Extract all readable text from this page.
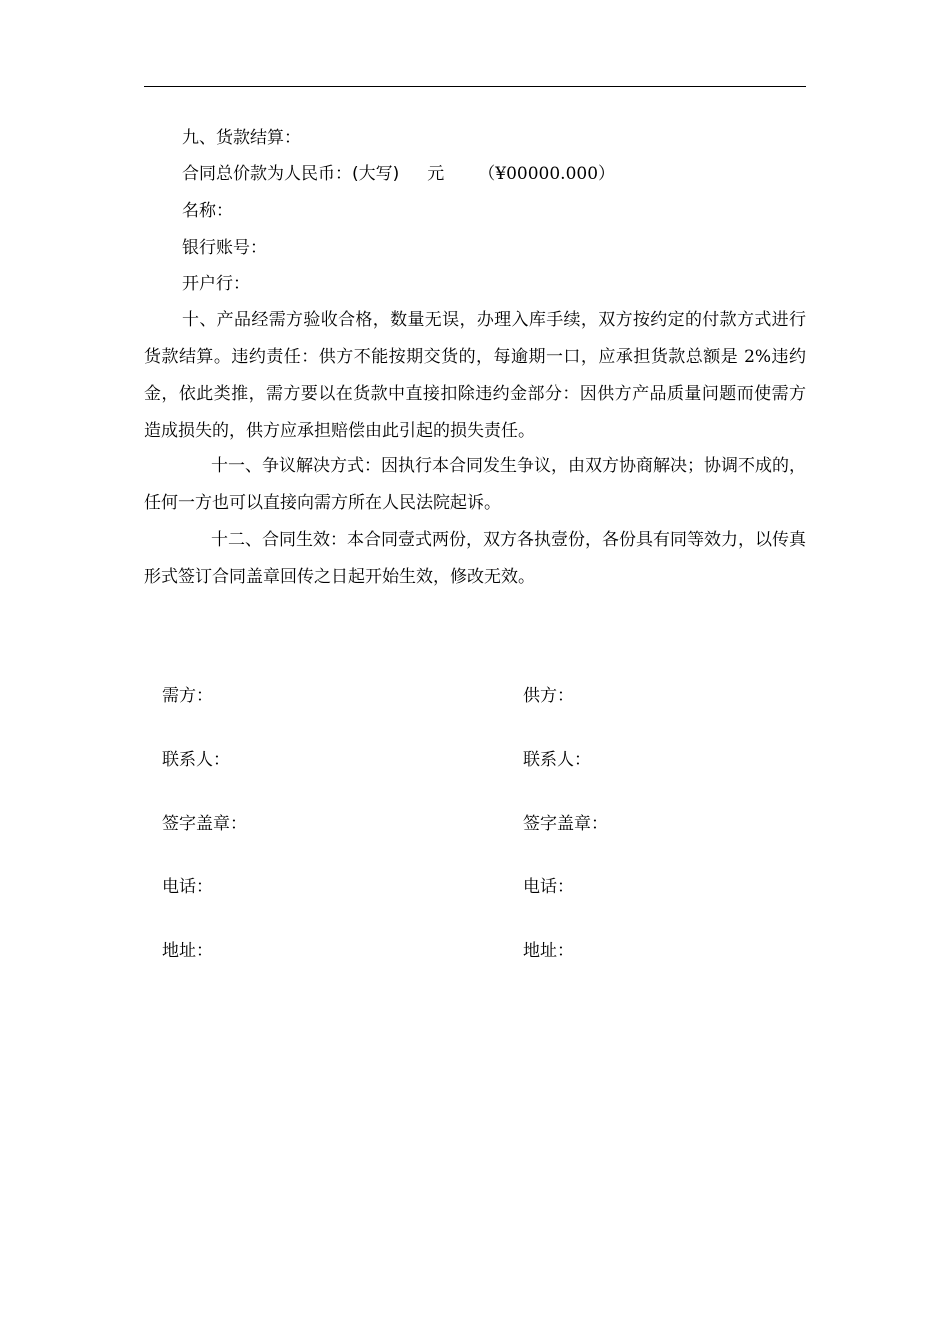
九、货款结算：
合同总价款为人民币：(大写) 元 （¥00000.000）
名称：
银行账号：
开户行：
十、产品经需方验收合格，数量无误，办理入库手续，双方按约定的付款方式进行货款结算。违约责任：供方不能按期交货的，每逾期一口，应承担货款总额是 2%违约金，依此类推，需方要以在货款中直接扣除违约金部分：因供方产品质量问题而使需方造成损失的，供方应承担赔偿由此引起的损失责任。
十一、争议解决方式：因执行本合同发生争议，由双方协商解决；协调不成的，任何一方也可以直接向需方所在人民法院起诉。
十二、合同生效：本合同壹式两份，双方各执壹份，各份具有同等效力，以传真形式签订合同盖章回传之日起开始生效，修改无效。
需方：	供方：
联系人：	联系人：
签字盖章：	签字盖章：
电话：	电话：
地址：	地址：
